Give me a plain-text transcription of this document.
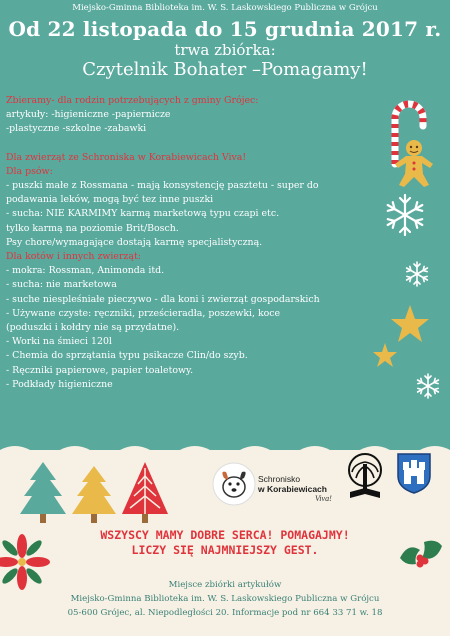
Miejsko-Gminna Biblioteka im. W. S. Laskowskiego Publiczna w Grójcu
Od 22 listopada do 15 grudnia 2017 r.
trwa zbiórka:
Czytelnik Bohater –Pomagamy!
Zbieramy- dla rodzin potrzebujących z gminy Grójec:
artykuły: -higieniczne -papiernicze
-plastyczne -szkolne -zabawki
Dla zwierząt ze Schroniska w Korabiewicach Viva!
Dla psów:
- puszki małe z Rossmana - mają konsystencję pasztetu - super do
podawania leków, mogą być tez inne puszki
- sucha: NIE KARMIMY karmą marketową typu czapi etc.
tylko karmą na poziomie Brit/Bosch.
Psy chore/wymagające dostają karmę specjalistyczną.
Dla kotów i innych zwierząt:
- mokra: Rossman, Animonda itd.
- sucha: nie marketowa
- suche niespleśniałe pieczywo - dla koni i zwierząt gospodarskich
- Używane czyste: ręczniki, prześcieradła, poszewki, koce
(poduszki i kołdry nie są przydatne).
- Worki na śmieci 120l
- Chemia do sprzątania typu psikacze Clin/do szyb.
- Ręczniki papierowe, papier toaletowy.
- Podkłady higieniczne
Schronisko
w Korabiewicach
Viva!
WSZYSCY MAMY DOBRE SERCA! POMAGAJMY!
LICZY SIĘ NAJMNIEJSZY GEST.
Miejsce zbiórki artykułów
Miejsko-Gminna Biblioteka im. W. S. Laskowskiego Publiczna w Grójcu
05-600 Grójec, al. Niepodległości 20. Informacje pod nr 664 33 71 w. 18
